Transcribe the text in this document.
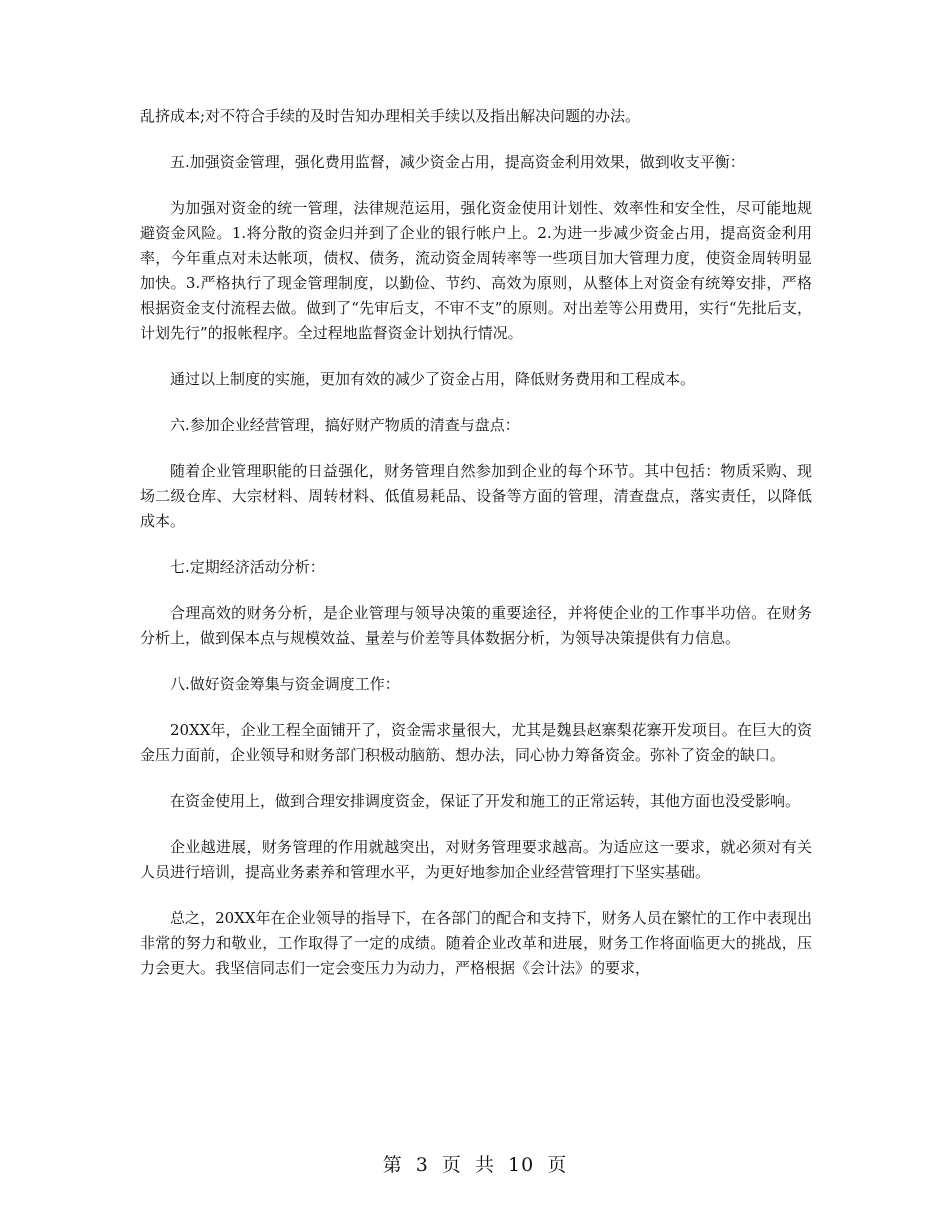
乱挤成本;对不符合手续的及时告知办理相关手续以及指出解决问题的办法。

五.加强资金管理，强化费用监督，减少资金占用，提高资金利用效果，做到收支平衡：

为加强对资金的统一管理，法律规范运用，强化资金使用计划性、效率性和安全性，尽可能地规避资金风险。1.将分散的资金归并到了企业的银行帐户上。2.为进一步减少资金占用，提高资金利用率，今年重点对未达帐项，债权、债务，流动资金周转率等一些项目加大管理力度，使资金周转明显加快。3.严格执行了现金管理制度，以勤俭、节约、高效为原则，从整体上对资金有统筹安排，严格根据资金支付流程去做。做到了“先审后支，不审不支”的原则。对出差等公用费用，实行“先批后支，计划先行”的报帐程序。全过程地监督资金计划执行情况。

通过以上制度的实施，更加有效的减少了资金占用，降低财务费用和工程成本。

六.参加企业经营管理，搞好财产物质的清查与盘点：

随着企业管理职能的日益强化，财务管理自然参加到企业的每个环节。其中包括：物质采购、现场二级仓库、大宗材料、周转材料、低值易耗品、设备等方面的管理，清查盘点，落实责任，以降低成本。

七.定期经济活动分析：

合理高效的财务分析，是企业管理与领导决策的重要途径，并将使企业的工作事半功倍。在财务分析上，做到保本点与规模效益、量差与价差等具体数据分析，为领导决策提供有力信息。

八.做好资金筹集与资金调度工作：

20XX年，企业工程全面铺开了，资金需求量很大，尤其是魏县赵寨梨花寨开发项目。在巨大的资金压力面前，企业领导和财务部门积极动脑筋、想办法，同心协力筹备资金。弥补了资金的缺口。

在资金使用上，做到合理安排调度资金，保证了开发和施工的正常运转，其他方面也没受影响。

企业越进展，财务管理的作用就越突出，对财务管理要求越高。为适应这一要求，就必须对有关人员进行培训，提高业务素养和管理水平，为更好地参加企业经营管理打下坚实基础。

总之，20XX年在企业领导的指导下，在各部门的配合和支持下，财务人员在繁忙的工作中表现出非常的努力和敬业，工作取得了一定的成绩。随着企业改革和进展，财务工作将面临更大的挑战，压力会更大。我坚信同志们一定会变压力为动力，严格根据《会计法》的要求，

第 3 页 共 10 页
